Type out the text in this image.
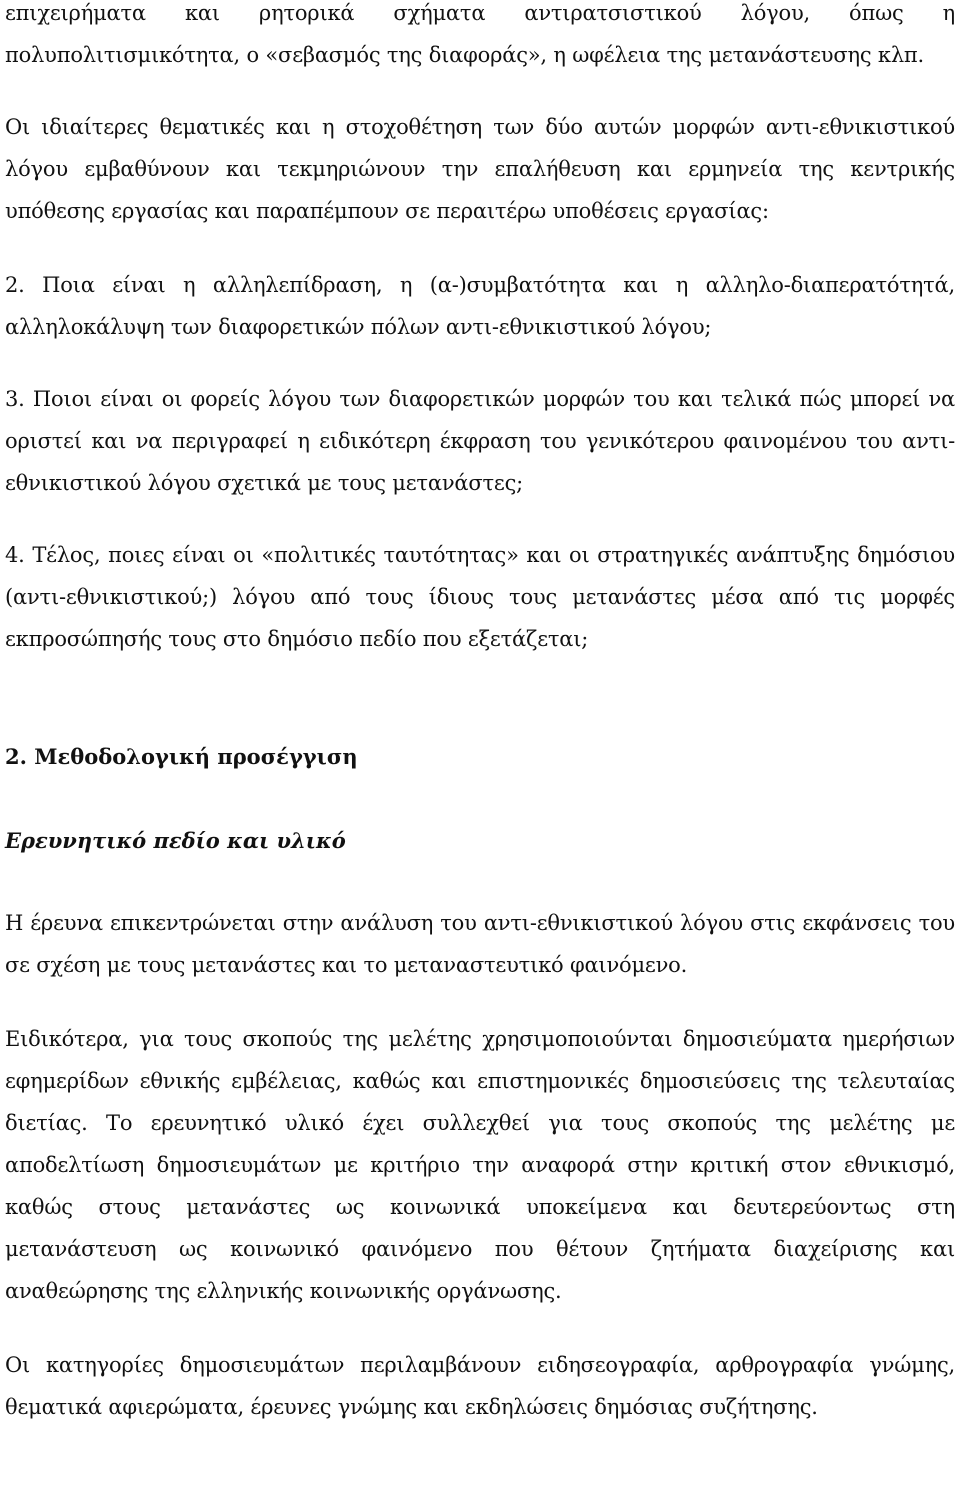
επιχειρήματα και ρητορικά σχήματα αντιρατσιστικού λόγου, όπως η πολυπολιτισμικότητα, ο «σεβασμός της διαφοράς», η ωφέλεια της μετανάστευσης κλπ.

Οι ιδιαίτερες θεματικές και η στοχοθέτηση των δύο αυτών μορφών αντι-εθνικιστικού λόγου εμβαθύνουν και τεκμηριώνουν την επαλήθευση και ερμηνεία της κεντρικής υπόθεσης εργασίας και παραπέμπουν σε περαιτέρω υποθέσεις εργασίας:

2. Ποια είναι η αλληλεπίδραση, η (α-)συμβατότητα και η αλληλο-διαπερατότητά, αλληλοκάλυψη των διαφορετικών πόλων αντι-εθνικιστικού λόγου;

3. Ποιοι είναι οι φορείς λόγου των διαφορετικών μορφών του και τελικά πώς μπορεί να οριστεί και να περιγραφεί η ειδικότερη έκφραση του γενικότερου φαινομένου του αντι-εθνικιστικού λόγου σχετικά με τους μετανάστες;

4. Τέλος, ποιες είναι οι «πολιτικές ταυτότητας» και οι στρατηγικές ανάπτυξης δημόσιου (αντι-εθνικιστικού;) λόγου από τους ίδιους τους μετανάστες μέσα από τις μορφές εκπροσώπησής τους στο δημόσιο πεδίο που εξετάζεται;

2. Μεθοδολογική προσέγγιση
Ερευνητικό πεδίο και υλικό

Η έρευνα επικεντρώνεται στην ανάλυση του αντι-εθνικιστικού λόγου στις εκφάνσεις του σε σχέση με τους μετανάστες και το μεταναστευτικό φαινόμενο.

Ειδικότερα, για τους σκοπούς της μελέτης χρησιμοποιούνται δημοσιεύματα ημερήσιων εφημερίδων εθνικής εμβέλειας, καθώς και επιστημονικές δημοσιεύσεις της τελευταίας διετίας. Το ερευνητικό υλικό έχει συλλεχθεί για τους σκοπούς της μελέτης με αποδελτίωση δημοσιευμάτων με κριτήριο την αναφορά στην κριτική στον εθνικισμό, καθώς στους μετανάστες ως κοινωνικά υποκείμενα και δευτερεύοντως στη μετανάστευση ως κοινωνικό φαινόμενο που θέτουν ζητήματα διαχείρισης και αναθεώρησης της ελληνικής κοινωνικής οργάνωσης.

Οι κατηγορίες δημοσιευμάτων περιλαμβάνουν ειδησεογραφία, αρθρογραφία γνώμης, θεματικά αφιερώματα, έρευνες γνώμης και εκδηλώσεις δημόσιας συζήτησης.
